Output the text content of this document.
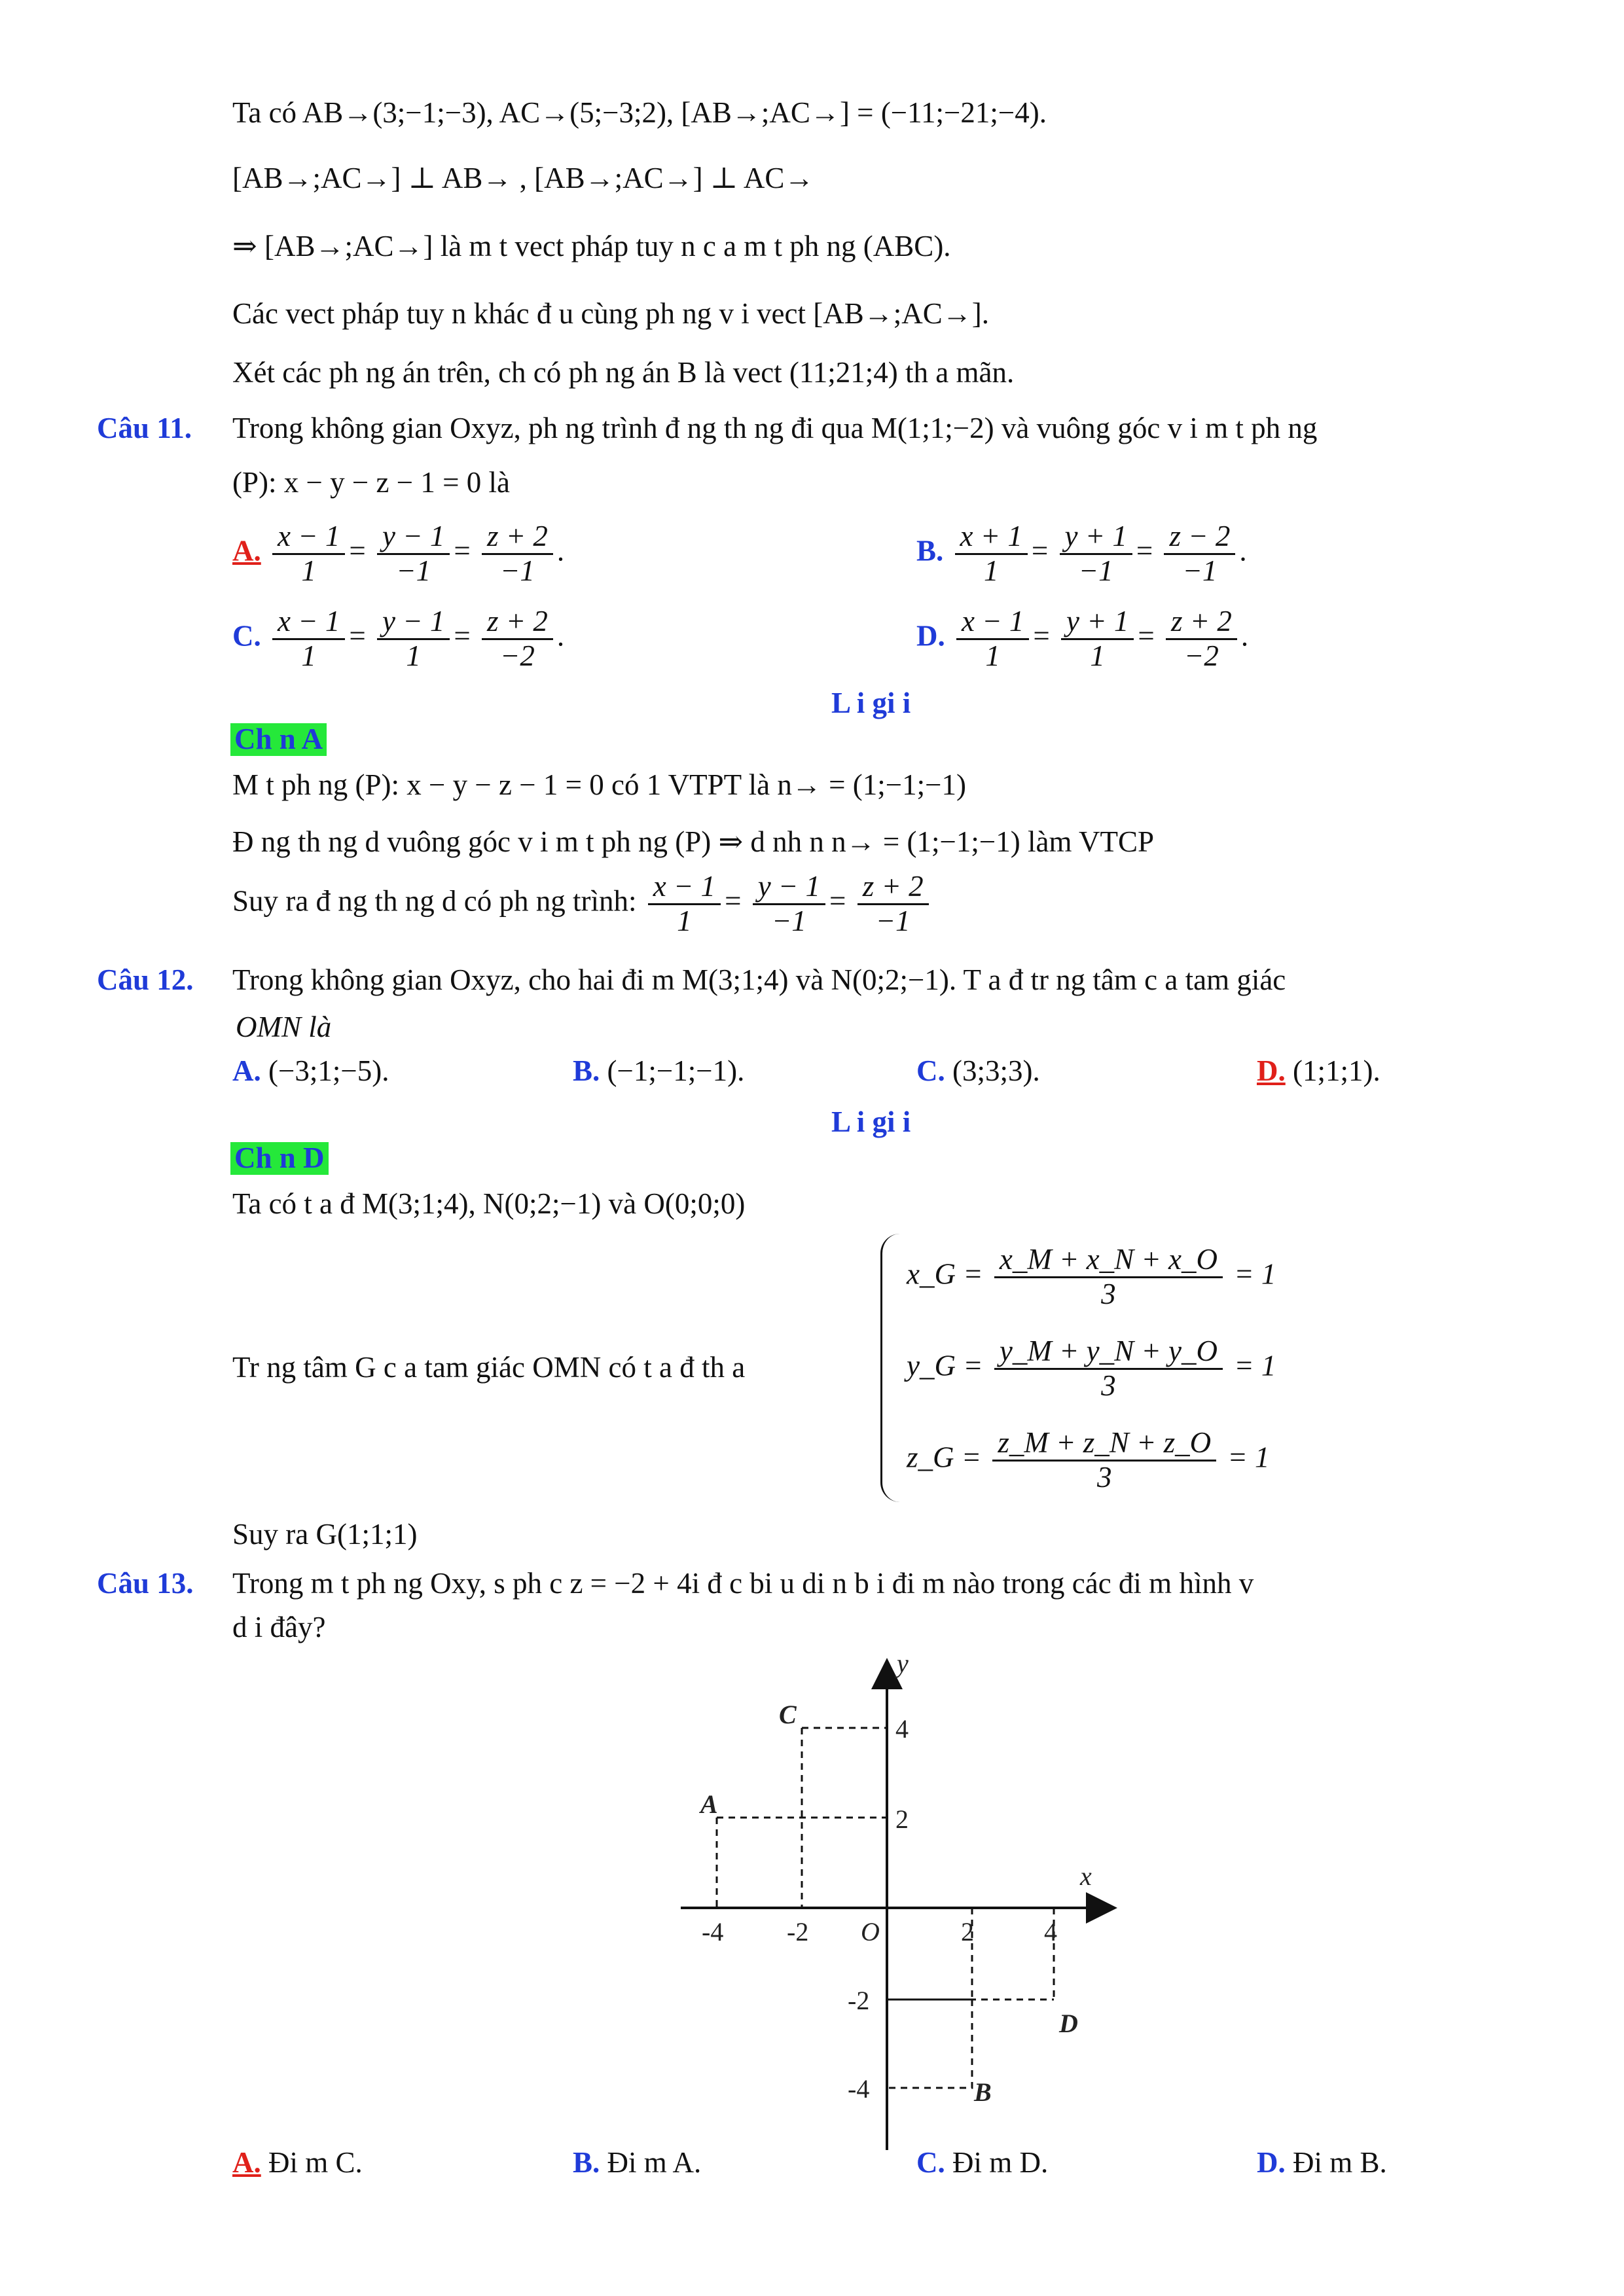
Ta có AB→(3;−1;−3), AC→(5;−3;2), [AB→;AC→] = (−11;−21;−4).
[AB→;AC→] ⊥ AB→ , [AB→;AC→] ⊥ AC→
⇒ [AB→;AC→] là m t vect pháp tuy n c a m t ph ng (ABC).
Các vect pháp tuy n khác đ u cùng ph ng v i vect [AB→;AC→].
Xét các ph ng án trên, ch có ph ng án B là vect (11;21;4) th a mãn.
Câu 11. Trong không gian Oxyz, ph ng trình đ ng th ng đi qua M(1;1;−2) và vuông góc v i m t ph ng
(P): x − y − z − 1 = 0 là
A. $\frac{x - 1}{1} = \frac{y - 1}{-1} = \frac{z + 2}{-1}$ .	B. $\frac{x + 1}{1} = \frac{y + 1}{-1} = \frac{z - 2}{-1}$ .
C. $\frac{x - 1}{1} = \frac{y - 1}{1} = \frac{z + 2}{-2}$ .	D. $\frac{x - 1}{1} = \frac{y + 1}{1} = \frac{z + 2}{-2}$ .
L i gi i
Ch n A
M t ph ng (P): x − y − z − 1 = 0 có 1 VTPT là n→ = (1;−1;−1)
Đ ng th ng d vuông góc v i m t ph ng (P) ⇒ d nh n n→ = (1;−1;−1) làm VTCP
Suy ra đ ng th ng d có ph ng trình: $\frac{x - 1}{1} = \frac{y - 1}{-1} = \frac{z + 2}{-1}$
Câu 12. Trong không gian Oxyz, cho hai đi m M(3;1;4) và N(0;2;−1). T a đ tr ng tâm c a tam giác
OMN là
A. (−3;1;−5).	B. (−1;−1;−1).	C. (3;3;3).	D. (1;1;1).
L i gi i
Ch n D
Ta có t a đ M(3;1;4), N(0;2;−1) và O(0;0;0)
Tr ng tâm G c a tam giác OMN có t a đ th a
x_G = $\frac{x\_M + x\_N + x\_O}{3} = 1$
y_G = $\frac{y\_M + y\_N + y\_O}{3} = 1$
z_G = $\frac{z\_M + z\_N + z\_O}{3} = 1$
Suy ra G(1;1;1)
Câu 13. Trong m t ph ng Oxy, s ph c z = −2 + 4i đ c bi u di n b i đi m nào trong các đi m hình v
d i đây?
y
x
O
-4 -2	2	4
4
2
-2
-4
C
A
D
B
A. Đi m C.	B. Đi m A.	C. Đi m D.	D. Đi m B.
